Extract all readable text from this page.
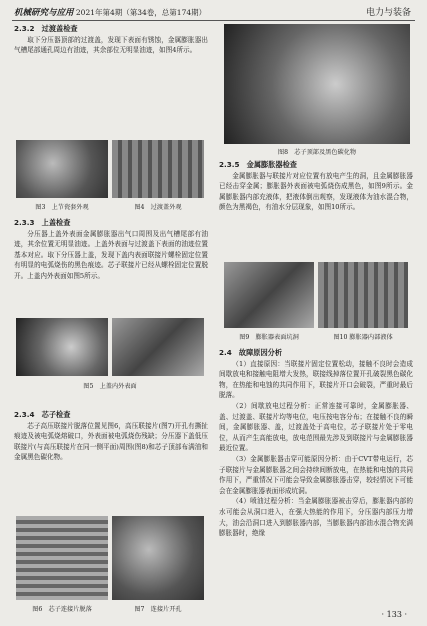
机械研究与应用 2021年第4期（第34卷，总第174期）	电力与装备

2.3.2　过渡盖检查

取下分压器顶部的过渡盖，发现下表面有锈蚀，金属膨胀器出气槽尾部通孔周边有油迹，其余部位无明显油迹，如图4所示。

图3　上节瓷套外观	图4　过渡盖外观

2.3.3　上盖检查

分压器上盖外表面金属膨胀器出气口周围及出气槽尾部有油迹，其余位置无明显油迹。上盖外表面与过渡盖下表面的油迹位置基本对应。取下分压器上盖，发现下盖内表面联接片螺栓固定位置有明显的电弧烧伤的黑色痕迹。芯子联接片已经从螺栓固定位置脱开。上盖内外表面如图5所示。

图5　上盖内外表面

2.3.4　芯子检查

芯子高压联接片脱落位置见图6，高压联接片(图7)开孔有撕扯痕迹及被电弧烧熔破口，外表面被电弧烧伤残缺；分压器下盖低压联接片(与高压联接片在同一侧平面)周围(图8)和芯子顶部布满油和金属黑色碳化物。

图6　芯子连接片脱落	图7　连接片开孔
图8　芯子顶部及黑色碳化物

2.3.5　金属膨胀器检查

金属膨胀器与联接片对应位置有放电产生的洞，且金属膨胀器已经击穿金属；膨胀器外表面被电弧烧伤成黑色，如图9所示。金属膨胀器内部充液体，把液体倒出观察，发现液体为油水混合物，颜色为黑褐色，有油水分层现象，如图10所示。

图9　膨胀器表面坑洞	图10 膨胀器内部液体

2.4　故障原因分析

（1）直接原因：当联接片固定位置松动，接触不良时会造成间歇放电和接触电阻增大发热，联接线掉落位置开孔破裂黑色碳化物，在热能和电蚀的共同作用下，联接片开口会破裂，严重时最后脱落。

（2）间歇放电过程分析：正常连接可靠时，金属膨胀器、盖、过渡盖、联接片均等电位，电压按电容分布；在接触不良的瞬间，金属膨胀器、盖，过渡盖处于高电位，芯子联接片处于零电位，从而产生高能放电，放电范围最先涉及到联接片与金属膨胀器最近位置。

（3）金属膨胀器击穿可能原因分析：由于CVT带电运行，芯子联接片与金属膨胀器之间会持续间断放电，在热能和电蚀的共同作用下，严重情况下可能会导致金属膨胀器击穿，较轻情况下可能会在金属膨胀器表面形成坑洞。

（4）喷油过程分析：当金属膨胀器被击穿后，膨胀器内部的水可能会从洞口进入，在强大热能的作用下，分压器内部压力增大，油会沿洞口进入到膨胀器内部，当膨胀器内部油水混合物充满膨胀器时，绝缘

· 133 ·
